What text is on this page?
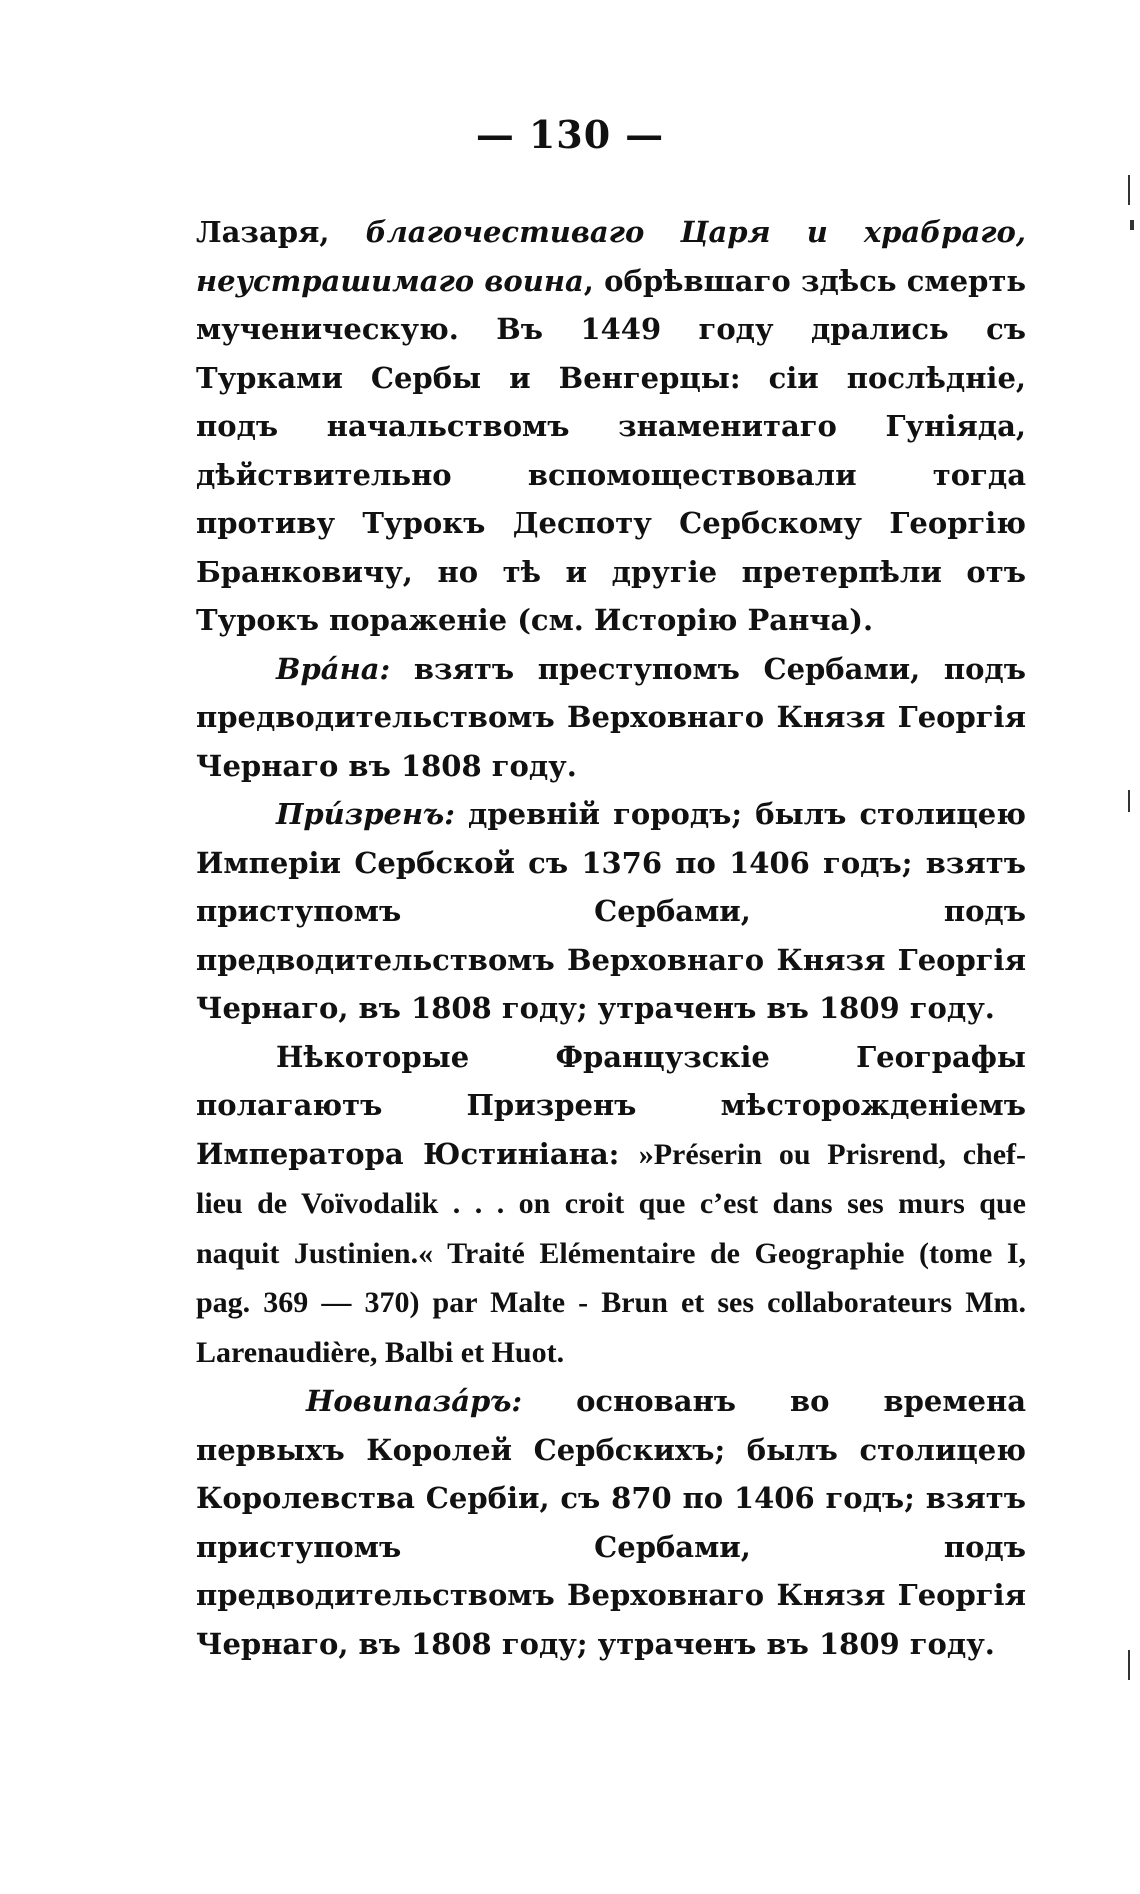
— 130 —

Лазаря, благочестиваго Царя и храбраго, неустрашимаго воина, обрѣвшаго здѣсь смерть мученическую. Въ 1449 году дрались съ Турками Сербы и Венгерцы: сіи послѣдніе, подъ начальствомъ знаменитаго Гуніяда, дѣйствительно вспомоществовали тогда противу Турокъ Деспоту Сербскому Георгію Бранковичу, но тѣ и другіе претерпѣли отъ Турокъ пораженіе (см. Исторію Ранча).

Врáна: взятъ преступомъ Сербами, подъ предводительствомъ Верховнаго Князя Георгія Чернаго въ 1808 году.

Прúзренъ: древній городъ; былъ столицею Имперіи Сербской съ 1376 по 1406 годъ; взятъ приступомъ Сербами, подъ предводительствомъ Верховнаго Князя Георгія Чернаго, въ 1808 году; утраченъ въ 1809 году.

Нѣкоторые Французскіе Географы полагаютъ Призренъ мѣсторожденіемъ Императора Юстиніана: »Préserin ou Prisrend, chef-lieu de Voïvodalik . . . on croit que c’est dans ses murs que naquit Justinien.« Traité Elémentaire de Geographie (tome I, pag. 369 — 370) par Malte - Brun et ses collaborateurs Mm. Larenaudière, Balbi et Huot.

Новипазáръ: основанъ во времена первыхъ Королей Сербскихъ; былъ столицею Королевства Сербіи, съ 870 по 1406 годъ; взятъ приступомъ Сербами, подъ предводительствомъ Верховнаго Князя Георгія Чернаго, въ 1808 году; утраченъ въ 1809 году.
